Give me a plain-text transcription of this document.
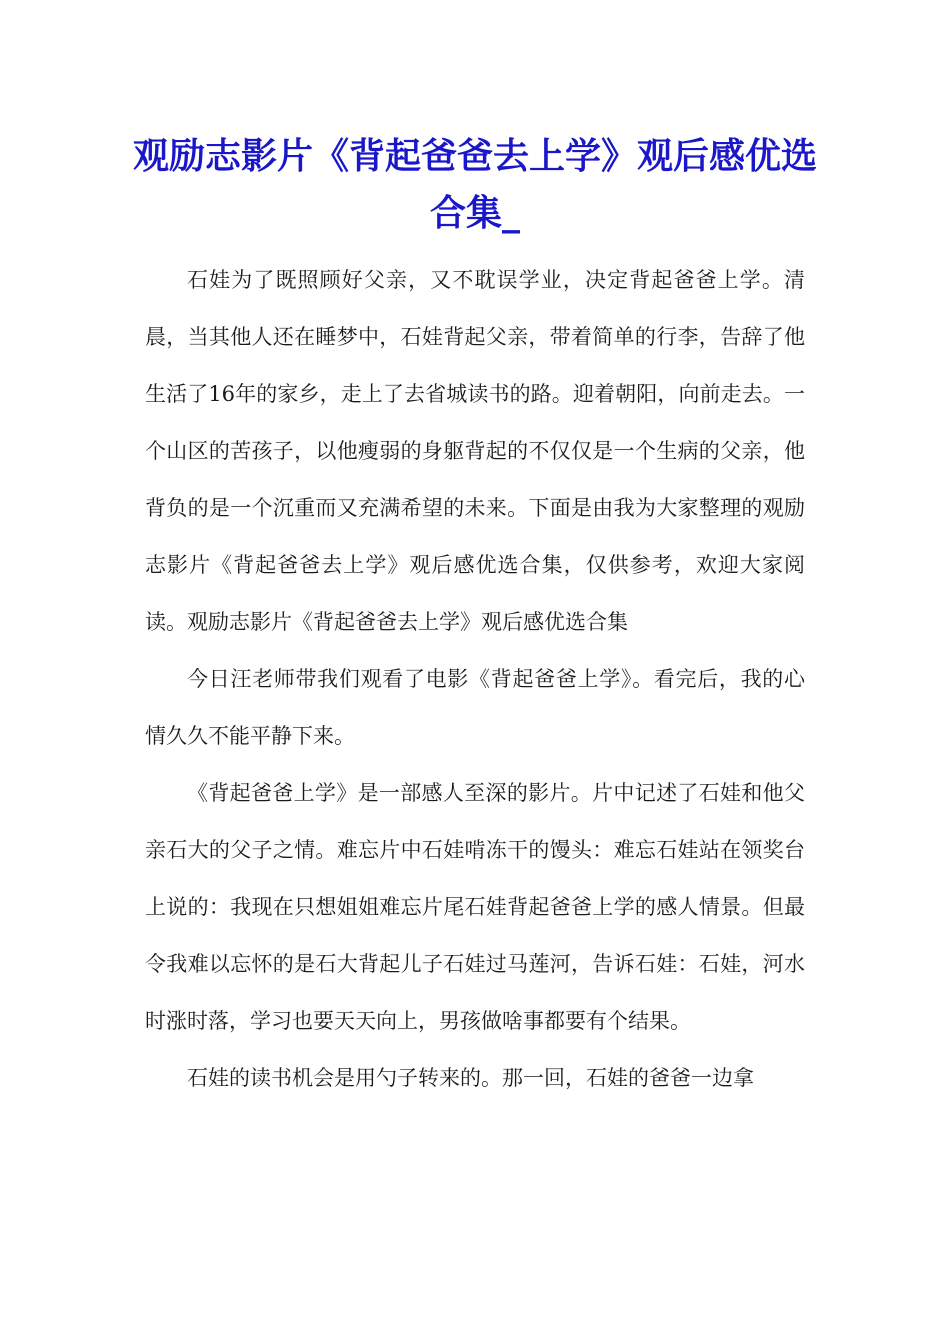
观励志影片《背起爸爸去上学》观后感优选合集_

石娃为了既照顾好父亲，又不耽误学业，决定背起爸爸上学。清晨，当其他人还在睡梦中，石娃背起父亲，带着简单的行李，告辞了他生活了16年的家乡，走上了去省城读书的路。迎着朝阳，向前走去。一个山区的苦孩子，以他瘦弱的身躯背起的不仅仅是一个生病的父亲，他背负的是一个沉重而又充满希望的未来。下面是由我为大家整理的观励志影片《背起爸爸去上学》观后感优选合集，仅供参考，欢迎大家阅读。观励志影片《背起爸爸去上学》观后感优选合集

今日汪老师带我们观看了电影《背起爸爸上学》。看完后，我的心情久久不能平静下来。

《背起爸爸上学》是一部感人至深的影片。片中记述了石娃和他父亲石大的父子之情。难忘片中石娃啃冻干的馒头：难忘石娃站在领奖台上说的：我现在只想姐姐难忘片尾石娃背起爸爸上学的感人情景。但最令我难以忘怀的是石大背起儿子石娃过马莲河，告诉石娃：石娃，河水时涨时落，学习也要天天向上，男孩做啥事都要有个结果。

石娃的读书机会是用勺子转来的。那一回，石娃的爸爸一边拿
